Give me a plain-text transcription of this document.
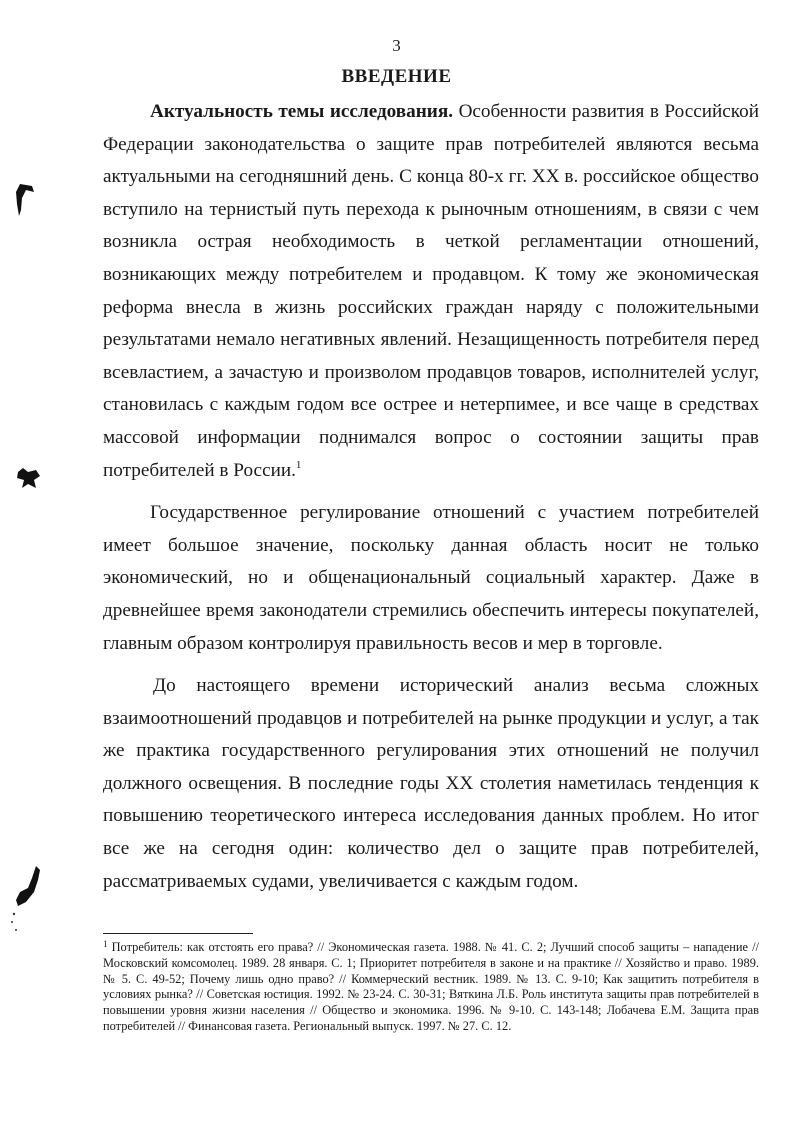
3
ВВЕДЕНИЕ

Актуальность темы исследования. Особенности развития в Российской Федерации законодательства о защите прав потребителей являются весьма актуальными на сегодняшний день. С конца 80-х гг. XX в. российское общество вступило на тернистый путь перехода к рыночным отношениям, в связи с чем возникла острая необходимость в четкой регламентации отношений, возникающих между потребителем и продавцом. К тому же экономическая реформа внесла в жизнь российских граждан наряду с положительными результатами немало негативных явлений. Незащищенность потребителя перед всевластием, а зачастую и произволом продавцов товаров, исполнителей услуг, становилась с каждым годом все острее и нетерпимее, и все чаще в средствах массовой информации поднимался вопрос о состоянии защиты прав потребителей в России.$^1$

Государственное регулирование отношений с участием потребителей имеет большое значение, поскольку данная область носит не только экономический, но и общенациональный социальный характер. Даже в древнейшее время законодатели стремились обеспечить интересы покупателей, главным образом контролируя правильность весов и мер в торговле.

До настоящего времени исторический анализ весьма сложных взаимоотношений продавцов и потребителей на рынке продукции и услуг, а так же практика государственного регулирования этих отношений не получил должного освещения. В последние годы XX столетия наметилась тенденция к повышению теоретического интереса исследования данных проблем. Но итог все же на сегодня один: количество дел о защите прав потребителей, рассматриваемых судами, увеличивается с каждым годом.

$^1$ Потребитель: как отстоять его права? // Экономическая газета. 1988. № 41. С. 2; Лучший способ защиты – нападение // Московский комсомолец. 1989. 28 января. С. 1; Приоритет потребителя в законе и на практике // Хозяйство и право. 1989. № 5. С. 49-52; Почему лишь одно право? // Коммерческий вестник. 1989. № 13. С. 9-10; Как защитить потребителя в условиях рынка? // Советская юстиция. 1992. № 23-24. С. 30-31; Вяткина Л.Б. Роль института защиты прав потребителей в повышении уровня жизни населения // Общество и экономика. 1996. № 9-10. С. 143-148; Лобачева Е.М. Защита прав потребителей // Финансовая газета. Региональный выпуск. 1997. № 27. С. 12.
